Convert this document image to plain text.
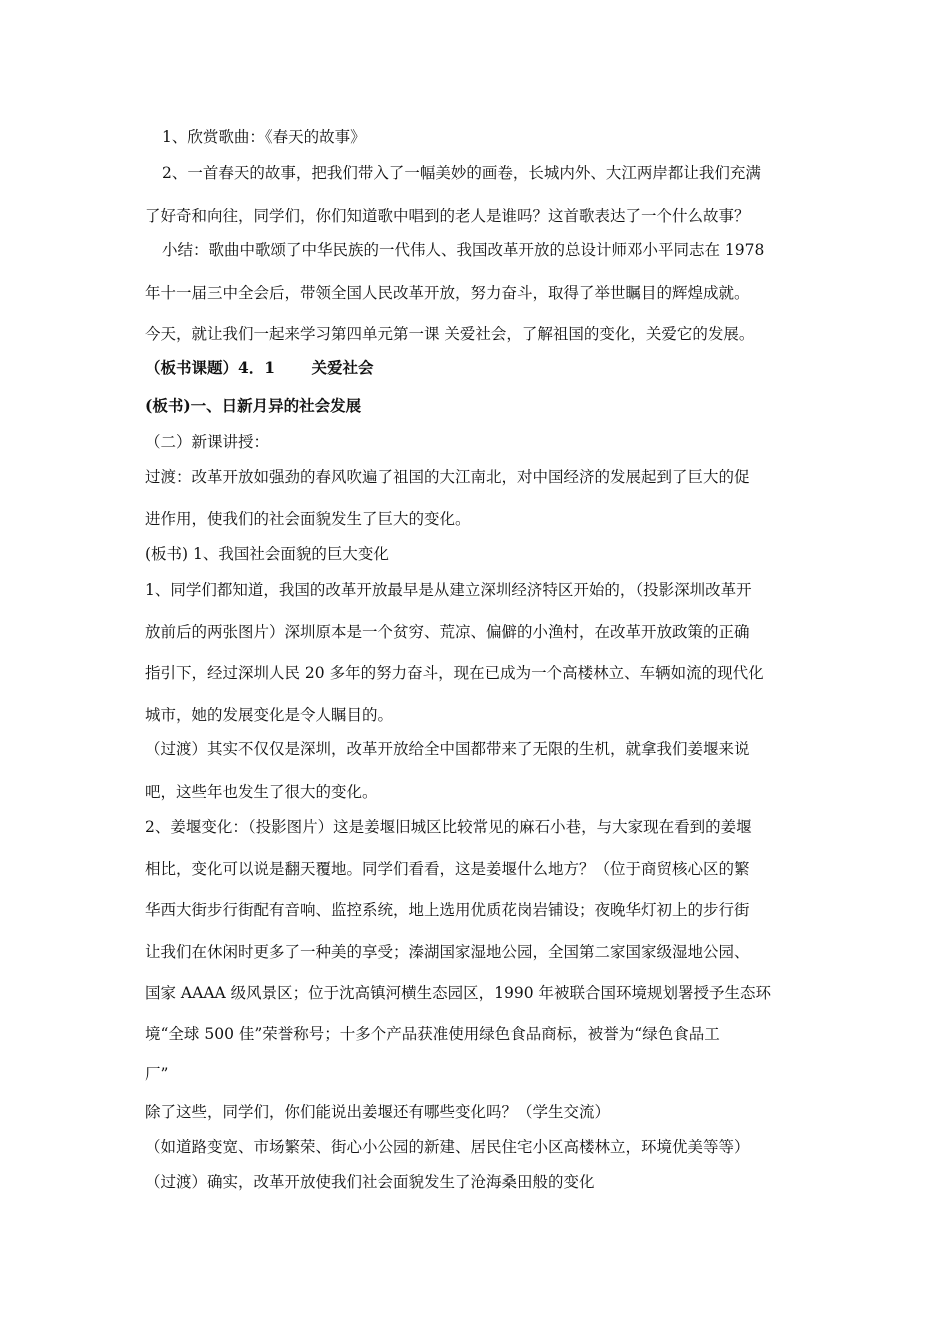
1、欣赏歌曲：《春天的故事》
2、一首春天的故事，把我们带入了一幅美妙的画卷，长城内外、大江两岸都让我们充满
了好奇和向往，同学们，你们知道歌中唱到的老人是谁吗？这首歌表达了一个什么故事？
小结：歌曲中歌颂了中华民族的一代伟人、我国改革开放的总设计师邓小平同志在 1978
年十一届三中全会后，带领全国人民改革开放，努力奋斗，取得了举世瞩目的辉煌成就。
今天，就让我们一起来学习第四单元第一课 关爱社会，了解祖国的变化，关爱它的发展。
（板书课题）4．1　　 关爱社会
(板书)一、日新月异的社会发展
（二）新课讲授：
过渡：改革开放如强劲的春风吹遍了祖国的大江南北，对中国经济的发展起到了巨大的促
进作用，使我们的社会面貌发生了巨大的变化。
(板书) 1、我国社会面貌的巨大变化
1、同学们都知道，我国的改革开放最早是从建立深圳经济特区开始的，（投影深圳改革开
放前后的两张图片）深圳原本是一个贫穷、荒凉、偏僻的小渔村，在改革开放政策的正确
指引下，经过深圳人民 20 多年的努力奋斗，现在已成为一个高楼林立、车辆如流的现代化
城市，她的发展变化是令人瞩目的。
（过渡）其实不仅仅是深圳，改革开放给全中国都带来了无限的生机，就拿我们姜堰来说
吧，这些年也发生了很大的变化。
2、姜堰变化：（投影图片）这是姜堰旧城区比较常见的麻石小巷，与大家现在看到的姜堰
相比，变化可以说是翻天覆地。同学们看看，这是姜堰什么地方？（位于商贸核心区的繁
华西大街步行街配有音响、监控系统，地上选用优质花岗岩铺设；夜晚华灯初上的步行街
让我们在休闲时更多了一种美的享受；溱湖国家湿地公园，全国第二家国家级湿地公园、
国家 AAAA 级风景区；位于沈高镇河横生态园区，1990 年被联合国环境规划署授予生态环
境“全球 500 佳”荣誉称号；十多个产品获准使用绿色食品商标，被誉为“绿色食品工
厂”
除了这些，同学们，你们能说出姜堰还有哪些变化吗？（学生交流）
（如道路变宽、市场繁荣、街心小公园的新建、居民住宅小区高楼林立，环境优美等等）
（过渡）确实，改革开放使我们社会面貌发生了沧海桑田般的变化
